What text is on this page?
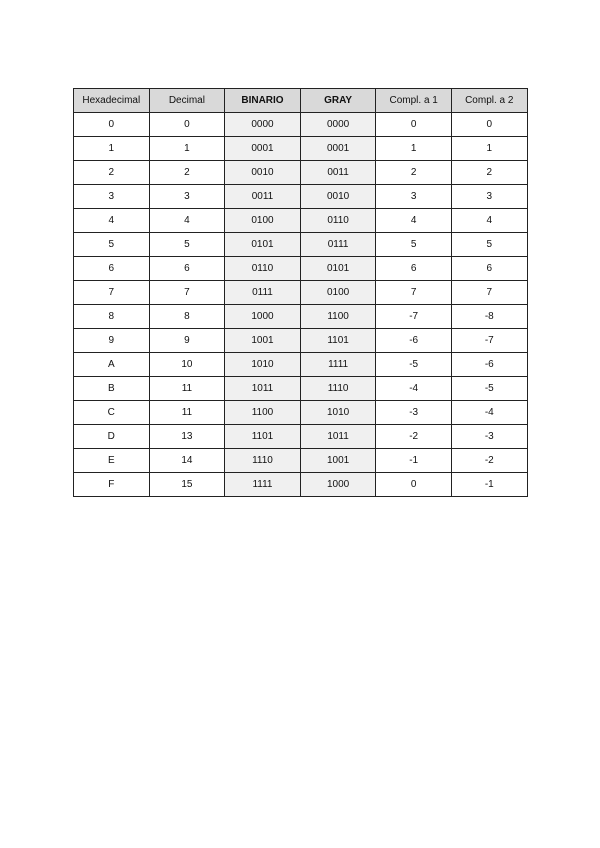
Hexadecimal	Decimal	BINARIO	GRAY	Compl. a 1	Compl. a 2
0	0	0000	0000	0	0
1	1	0001	0001	1	1
2	2	0010	0011	2	2
3	3	0011	0010	3	3
4	4	0100	0110	4	4
5	5	0101	0111	5	5
6	6	0110	0101	6	6
7	7	0111	0100	7	7
8	8	1000	1100	-7	-8
9	9	1001	1101	-6	-7
A	10	1010	1111	-5	-6
B	11	1011	1110	-4	-5
C	11	1100	1010	-3	-4
D	13	1101	1011	-2	-3
E	14	1110	1001	-1	-2
F	15	1111	1000	0	-1
